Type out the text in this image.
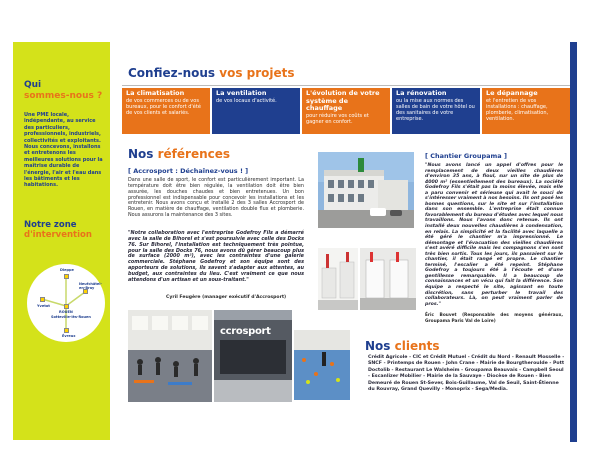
Qui
sommes-nous ?
Une PME locale, indépendante, au service des particuliers, professionnels, industriels, collectivités et exploitants. Nous concevons, installons et entretenons les meilleures solutions pour la maîtrise durable de l'énergie, l'air et l'eau dans les bâtiments et les habitations.
Notre zone
d'intervention
Dieppe
Neufchâtel-en-Bray
Yvetot
ROUEN
Sotteville-lès-Rouen
Évreux
Confiez-nous vos projets
La climatisation
de vos commerces ou de vos bureaux, pour le confort d'été de vos clients et salariés.
La ventilation
de vos locaux d'activité.
L'évolution de votre système de chauffage
pour réduire vos coûts et gagner en confort.
La rénovation
ou la mise aux normes des salles de bain de votre hôtel ou des sanitaires de votre entreprise.
Le dépannage
et l'entretien de vos installations : chauffage, plomberie, climatisation, ventilation.
Nos références
[ Accrosport : Déchaînez-vous ! ]
Dans une salle de sport, le confort est particulièrement important. La température doit être bien régulée, la ventilation doit être bien assurée, les douches chaudes et bien entretenues. Un bon professionnel est indispensable pour concevoir les installations et les entretenir. Nous avons conçu et installé 2 des 3 salles Accrosport de Rouen, en matière de chauffage, ventilation double flux et plomberie. Nous assurons la maintenance des 3 sites.
"Notre collaboration avec l'entreprise Godefroy Fils a démarré avec la salle de Bihorel et s'est poursuivie avec celle des Docks 76. Sur Bihorel, l'installation est techniquement très pointue, pour la salle des Docks 76, nous avons dû gérer beaucoup plus de surface (2000 m²), avec les contraintes d'une galerie commerciale. Stéphane Godefroy et son équipe sont des apporteurs de solutions, ils savent s'adapter aux attentes, au budget, aux contraintes du lieu. C'est vraiment ce que nous attendons d'un artisan et un sous-traitant."
Cyril Feugère (manager exécutif d'Accrosport)
[ Chantier Groupama ]
"Nous avons lancé un appel d'offres pour le remplacement de deux vieilles chaudières d'environ 35 ans, à fioul, sur un site de plus de 4000 m² (essentiellement des bureaux). La société Godefroy Fils s'était pas la moins élevée, mais elle a paru convenir et sérieuse qui avait le souci de s'intéresser vraiment à nos besoins. Ils ont posé les bonnes questions, sur le site et sur l'installation dans son ensemble. L'entreprise était connue favorablement du bureau d'études avec lequel nous travaillons. Nous l'avons donc retenue. Ils ont installé deux nouvelles chaudières à condensation, en relais. La simplicité et la facilité avec laquelle a été géré le chantier m'a impressionné. Le démontage et l'évacuation des vieilles chaudières s'est avéré difficile mais les compagnons s'en sont très bien sortis. Tous les jours, ils passaient sur le chantier, il était rangé et propre. Le chantier terminé, l'escalier a été repeint. Stéphane Godefroy a toujours été à l'écoute et d'une gentillesse remarquable. Il a beaucoup de connaissances et un vécu qui fait la différence. Son équipe a respecté le site, agissant en toute discrétion, sans perturber le travail des collaborateurs. Là, on peut vraiment parler de pros."
Éric Bouvet (Responsable des moyens généraux, Groupama Paris Val de Loire)
ccrosport
Nos clients
Crédit Agricole - CIC et Crédit Mutuel - Crédit du Nord - Renault Mosselle - SNCF - Printemps de Rouen - John Crane - Mairie de Bourgtheroulde - Pott Doctolib - Restaurant Le Walsheim - Groupama Beauvais - Campbell Seoul - Escanlizer Mobilier - Mairie de la Sauvaye - Diocèse de Rouen - Bien Demeuré de Rouen St-Sever, Bois-Guillaume, Val de Seuil, Saint-Étienne du Rouvray, Grand Quevilly - Monoprix - Sega/Media.
